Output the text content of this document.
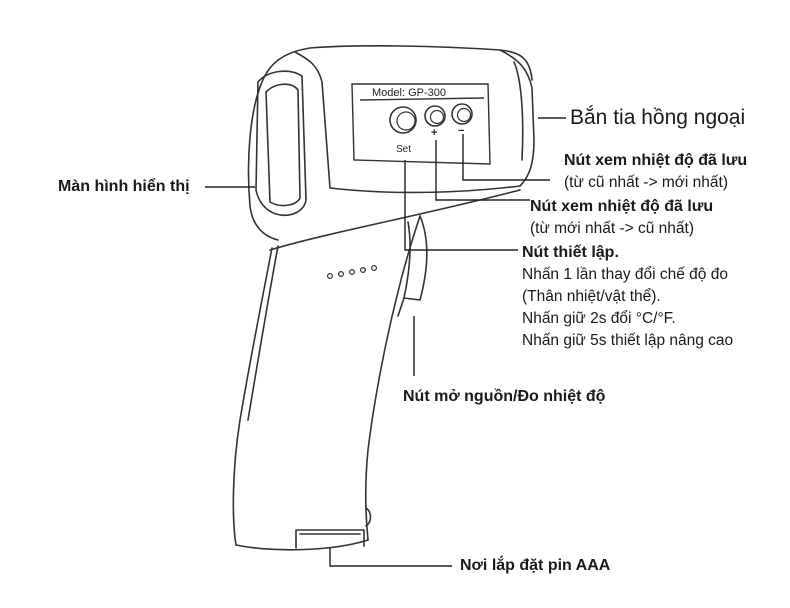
Model: GP-300
Set
+ −
Bắn tia hồng ngoại
Màn hình hiển thị
Nút xem nhiệt độ đã lưu
(từ cũ nhất -> mới nhất)
Nút xem nhiệt độ đã lưu
(từ mới nhất -> cũ nhất)
Nút thiết lập.
Nhấn 1 lần thay đổi chế độ đo
(Thân nhiệt/vật thể).
Nhấn giữ 2s đổi °C/°F.
Nhấn giữ 5s thiết lập nâng cao
Nút mở nguồn/Đo nhiệt độ
Nơi lắp đặt pin AAA
